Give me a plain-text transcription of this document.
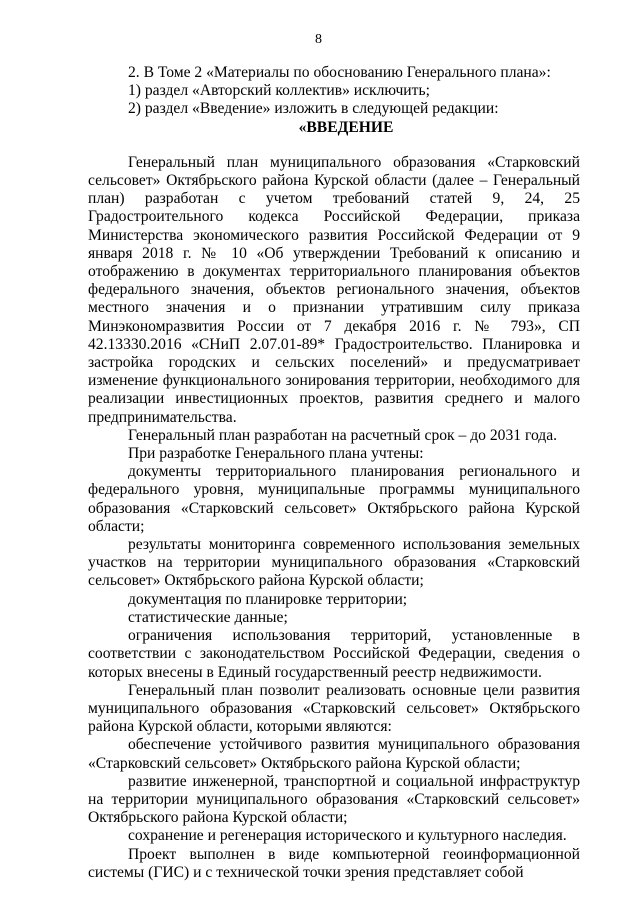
8

2. В Томе 2 «Материалы по обоснованию Генерального плана»:

1) раздел «Авторский коллектив» исключить;

2) раздел «Введение» изложить в следующей редакции:

«ВВЕДЕНИЕ

Генеральный план муниципального образования «Старковский сельсовет» Октябрьского района Курской области (далее – Генеральный план) разработан с учетом требований статей 9, 24, 25 Градостроительного кодекса Российской Федерации, приказа Министерства экономического развития Российской Федерации от 9 января 2018 г. № 10 «Об утверждении Требований к описанию и отображению в документах территориального планирования объектов федерального значения, объектов регионального значения, объектов местного значения и о признании утратившим силу приказа Минэкономразвития России от 7 декабря 2016 г. № 793», СП 42.13330.2016 «СНиП 2.07.01-89* Градостроительство. Планировка и застройка городских и сельских поселений» и предусматривает изменение функционального зонирования территории, необходимого для реализации инвестиционных проектов, развития среднего и малого предпринимательства.

Генеральный план разработан на расчетный срок – до 2031 года.

При разработке Генерального плана учтены:

документы территориального планирования регионального и федерального уровня, муниципальные программы муниципального образования «Старковский сельсовет» Октябрьского района Курской области;

результаты мониторинга современного использования земельных участков на территории муниципального образования «Старковский сельсовет» Октябрьского района Курской области;

документация по планировке территории;

статистические данные;

ограничения использования территорий, установленные в соответствии с законодательством Российской Федерации, сведения о которых внесены в Единый государственный реестр недвижимости.

Генеральный план позволит реализовать основные цели развития муниципального образования «Старковский сельсовет» Октябрьского района Курской области, которыми являются:

обеспечение устойчивого развития муниципального образования «Старковский сельсовет» Октябрьского района Курской области;

развитие инженерной, транспортной и социальной инфраструктур на территории муниципального образования «Старковский сельсовет» Октябрьского района Курской области;

сохранение и регенерация исторического и культурного наследия.

Проект выполнен в виде компьютерной геоинформационной системы (ГИС) и с технической точки зрения представляет собой
